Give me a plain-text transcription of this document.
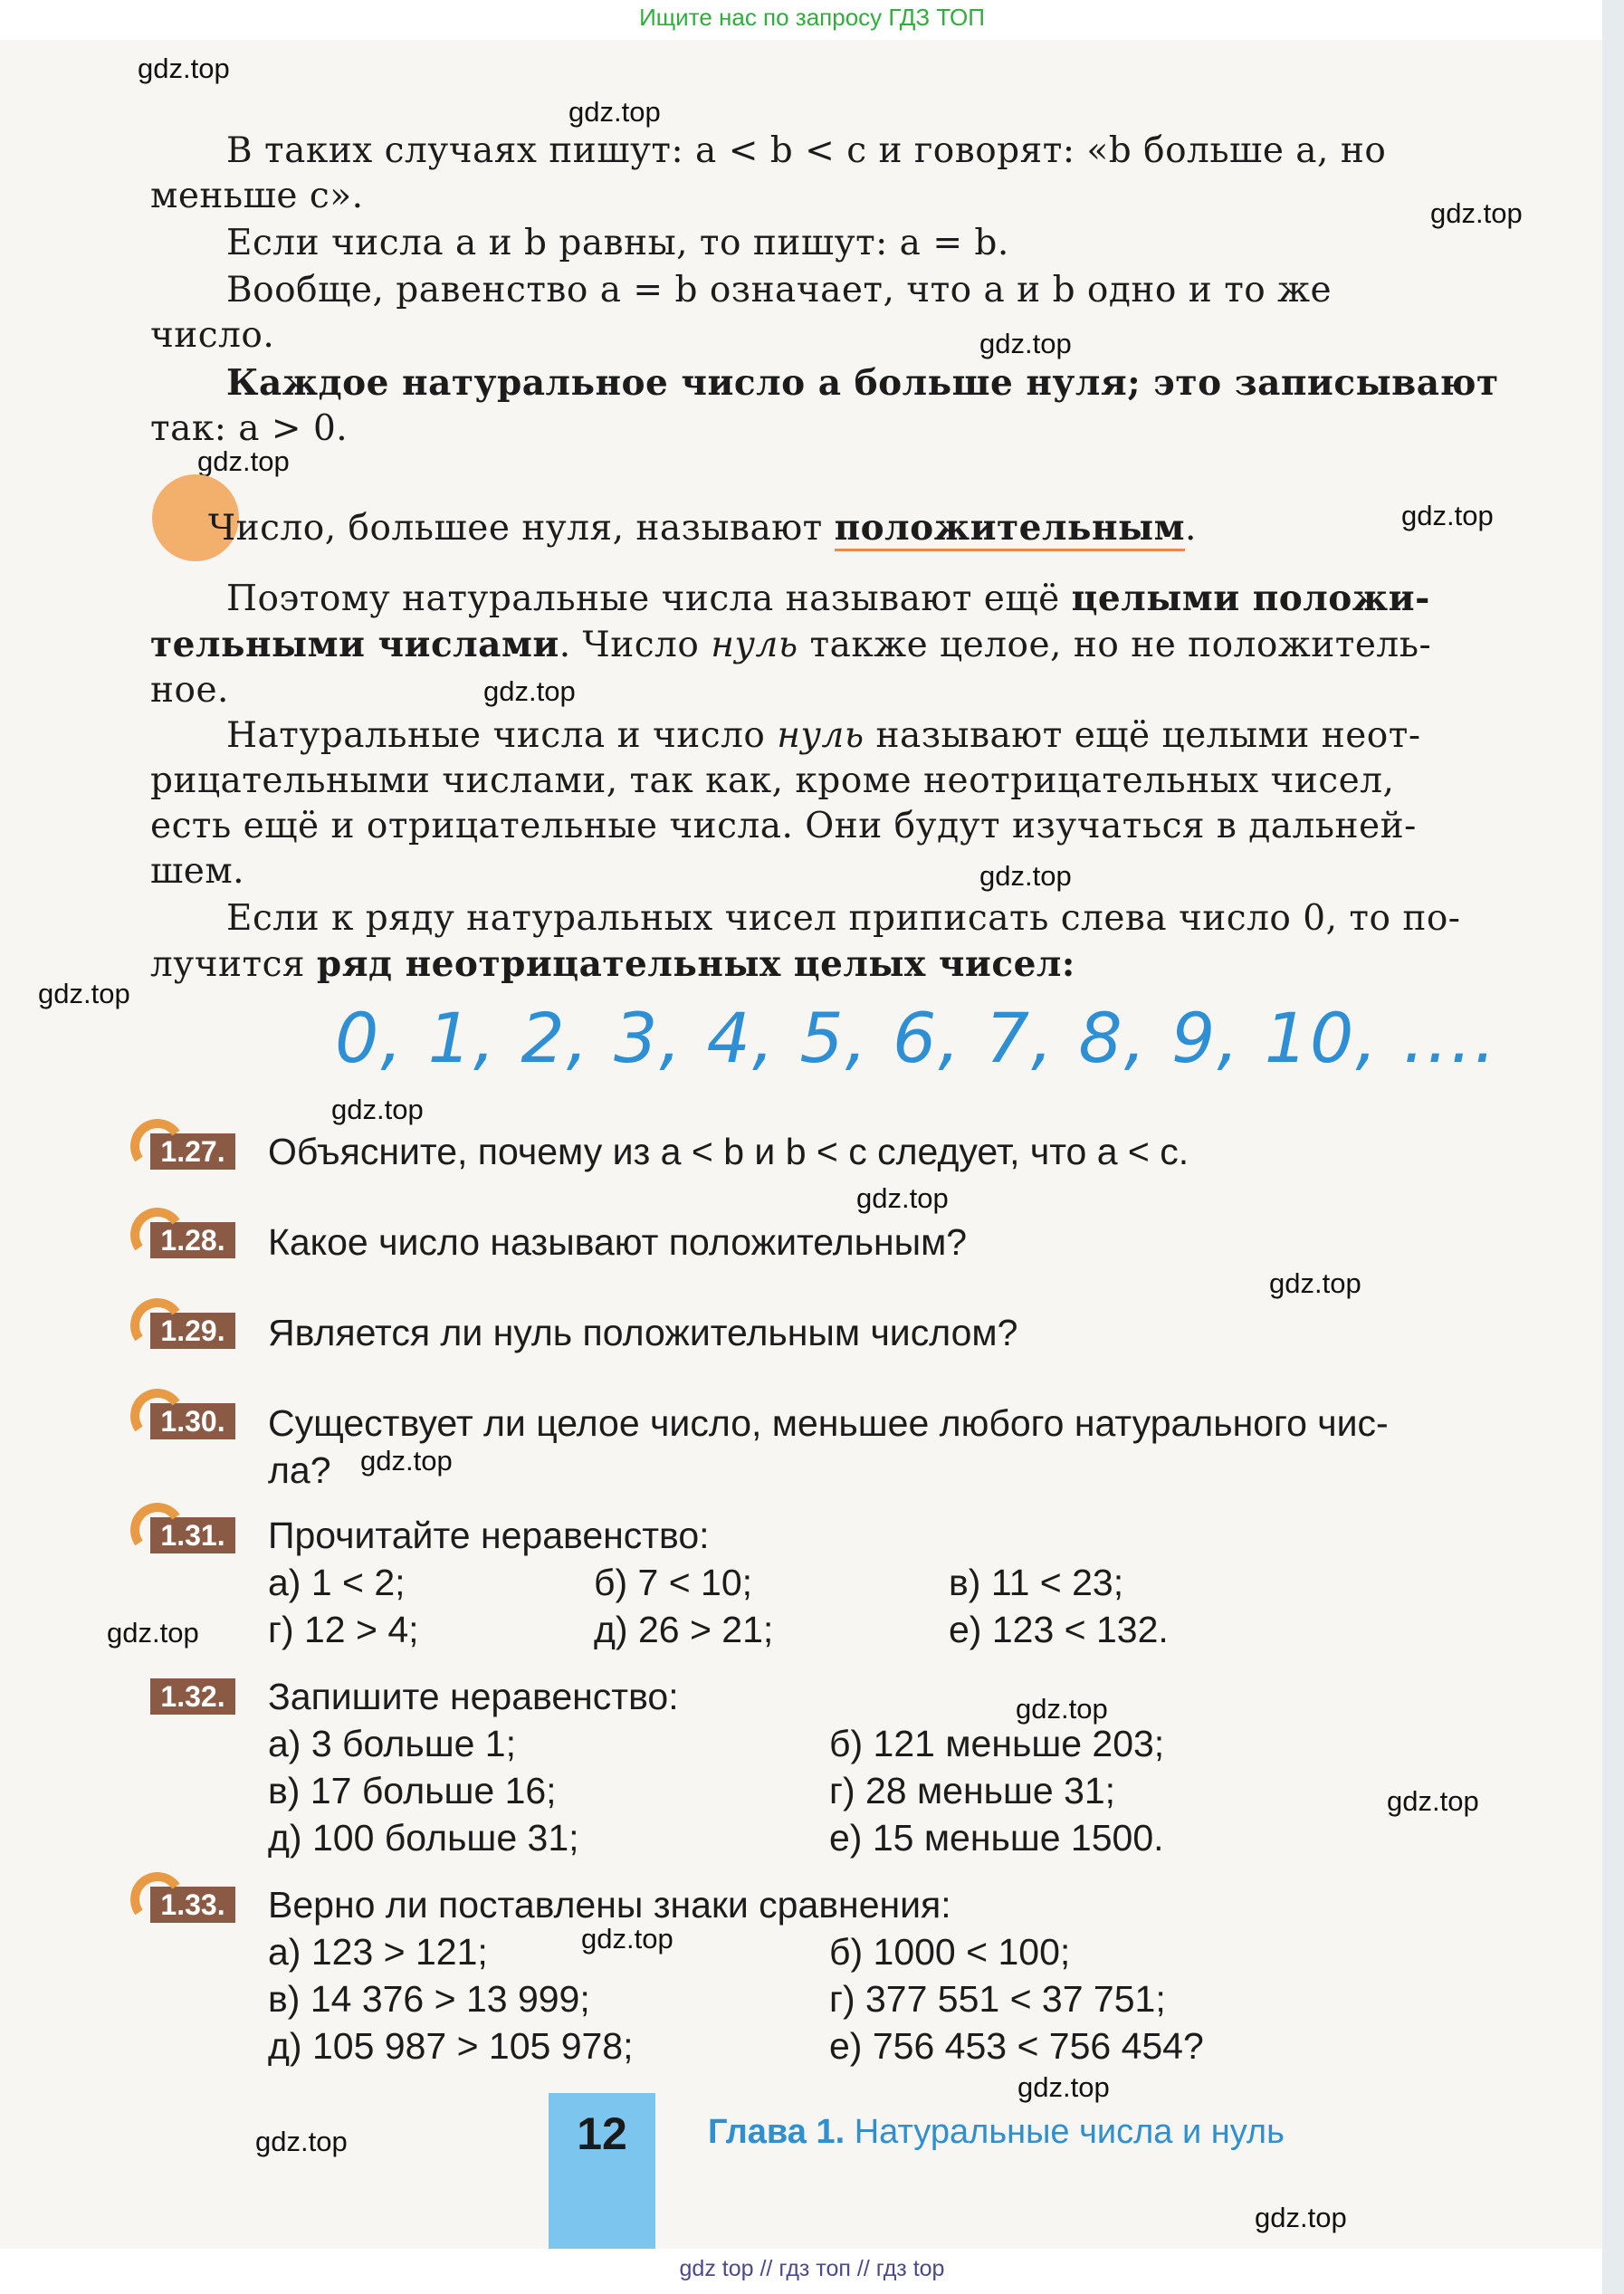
Ищите нас по запросу ГДЗ ТОП
gdz.top
gdz.top
gdz.top
gdz.top
gdz.top
gdz.top
gdz.top
gdz.top
gdz.top
gdz.top
gdz.top
gdz.top
gdz.top
gdz.top
gdz.top
gdz.top
gdz.top
gdz.top
gdz.top
gdz.top
В таких случаях пишут: a < b < c и говорят: «b больше a, но
меньше c».
Если числа a и b равны, то пишут: a = b.
Вообще, равенство a = b означает, что a и b одно и то же
число.
Каждое натуральное число a больше нуля; это записывают
так: a > 0.
Число, большее нуля, называют положительным.
Поэтому натуральные числа называют ещё целыми положи-
тельными числами. Число нуль также целое, но не положитель-
ное.
Натуральные числа и число нуль называют ещё целыми неот-
рицательными числами, так как, кроме неотрицательных чисел,
есть ещё и отрицательные числа. Они будут изучаться в дальней-
шем.
Если к ряду натуральных чисел приписать слева число 0, то по-
лучится ряд неотрицательных целых чисел:
0, 1, 2, 3, 4, 5, 6, 7, 8, 9, 10, ....
1.27. Объясните, почему из a < b и b < c следует, что a < c.
1.28. Какое число называют положительным?
1.29. Является ли нуль положительным числом?
1.30. Существует ли целое число, меньшее любого натурального чис-
ла?
1.31. Прочитайте неравенство:
а) 1 < 2;	б) 7 < 10;	в) 11 < 23;
г) 12 > 4;	д) 26 > 21;	е) 123 < 132.
1.32. Запишите неравенство:
а) 3 больше 1;	б) 121 меньше 203;
в) 17 больше 16;	г) 28 меньше 31;
д) 100 больше 31;	е) 15 меньше 1500.
1.33. Верно ли поставлены знаки сравнения:
а) 123 > 121;	б) 1000 < 100;
в) 14 376 > 13 999;	г) 377 551 < 37 751;
д) 105 987 > 105 978;	е) 756 453 < 756 454?
12	Глава 1. Натуральные числа и нуль
gdz top // гдз топ // гдз top
